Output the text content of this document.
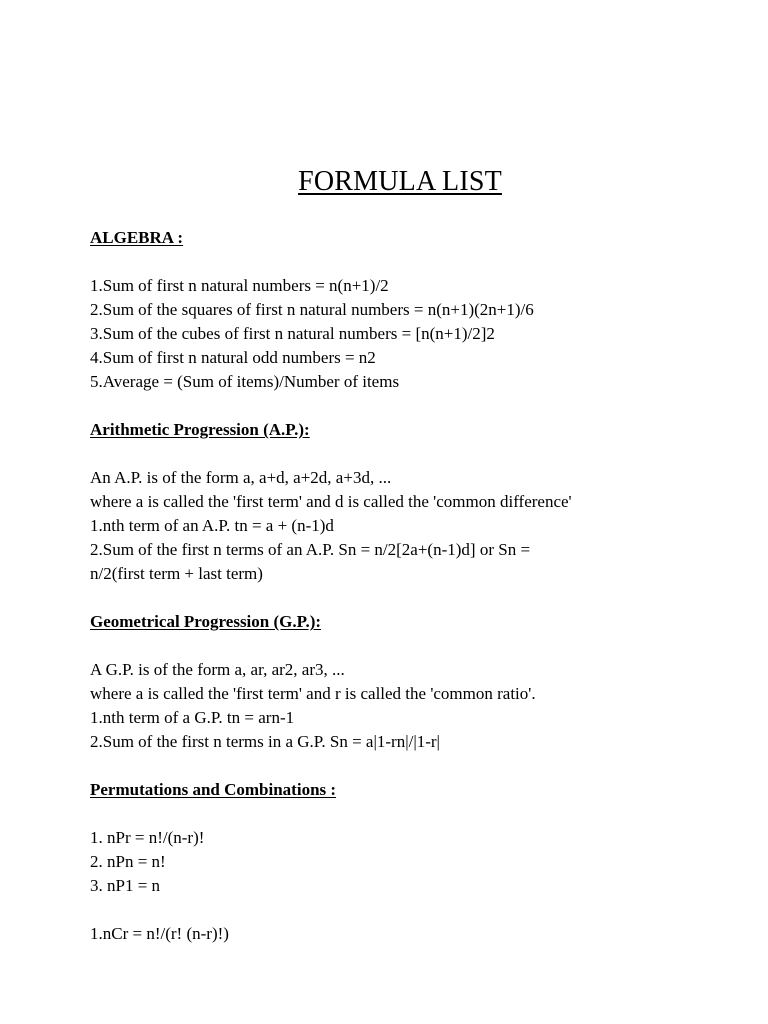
FORMULA LIST

ALGEBRA :

1.Sum of first n natural numbers = n(n+1)/2
2.Sum of the squares of first n natural numbers = n(n+1)(2n+1)/6
3.Sum of the cubes of first n natural numbers = [n(n+1)/2]2
4.Sum of first n natural odd numbers = n2
5.Average = (Sum of items)/Number of items

Arithmetic Progression (A.P.):

An A.P. is of the form a, a+d, a+2d, a+3d, ...
where a is called the 'first term' and d is called the 'common difference'
1.nth term of an A.P. tn = a + (n-1)d
2.Sum of the first n terms of an A.P. Sn = n/2[2a+(n-1)d] or Sn =
n/2(first term + last term)

Geometrical Progression (G.P.):

A G.P. is of the form a, ar, ar2, ar3, ...
where a is called the 'first term' and r is called the 'common ratio'.
1.nth term of a G.P. tn = arn-1
2.Sum of the first n terms in a G.P. Sn = a|1-rn|/|1-r|

Permutations and Combinations :

1. nPr = n!/(n-r)!
2. nPn = n!
3. nP1 = n
1.nCr = n!/(r! (n-r)!)
